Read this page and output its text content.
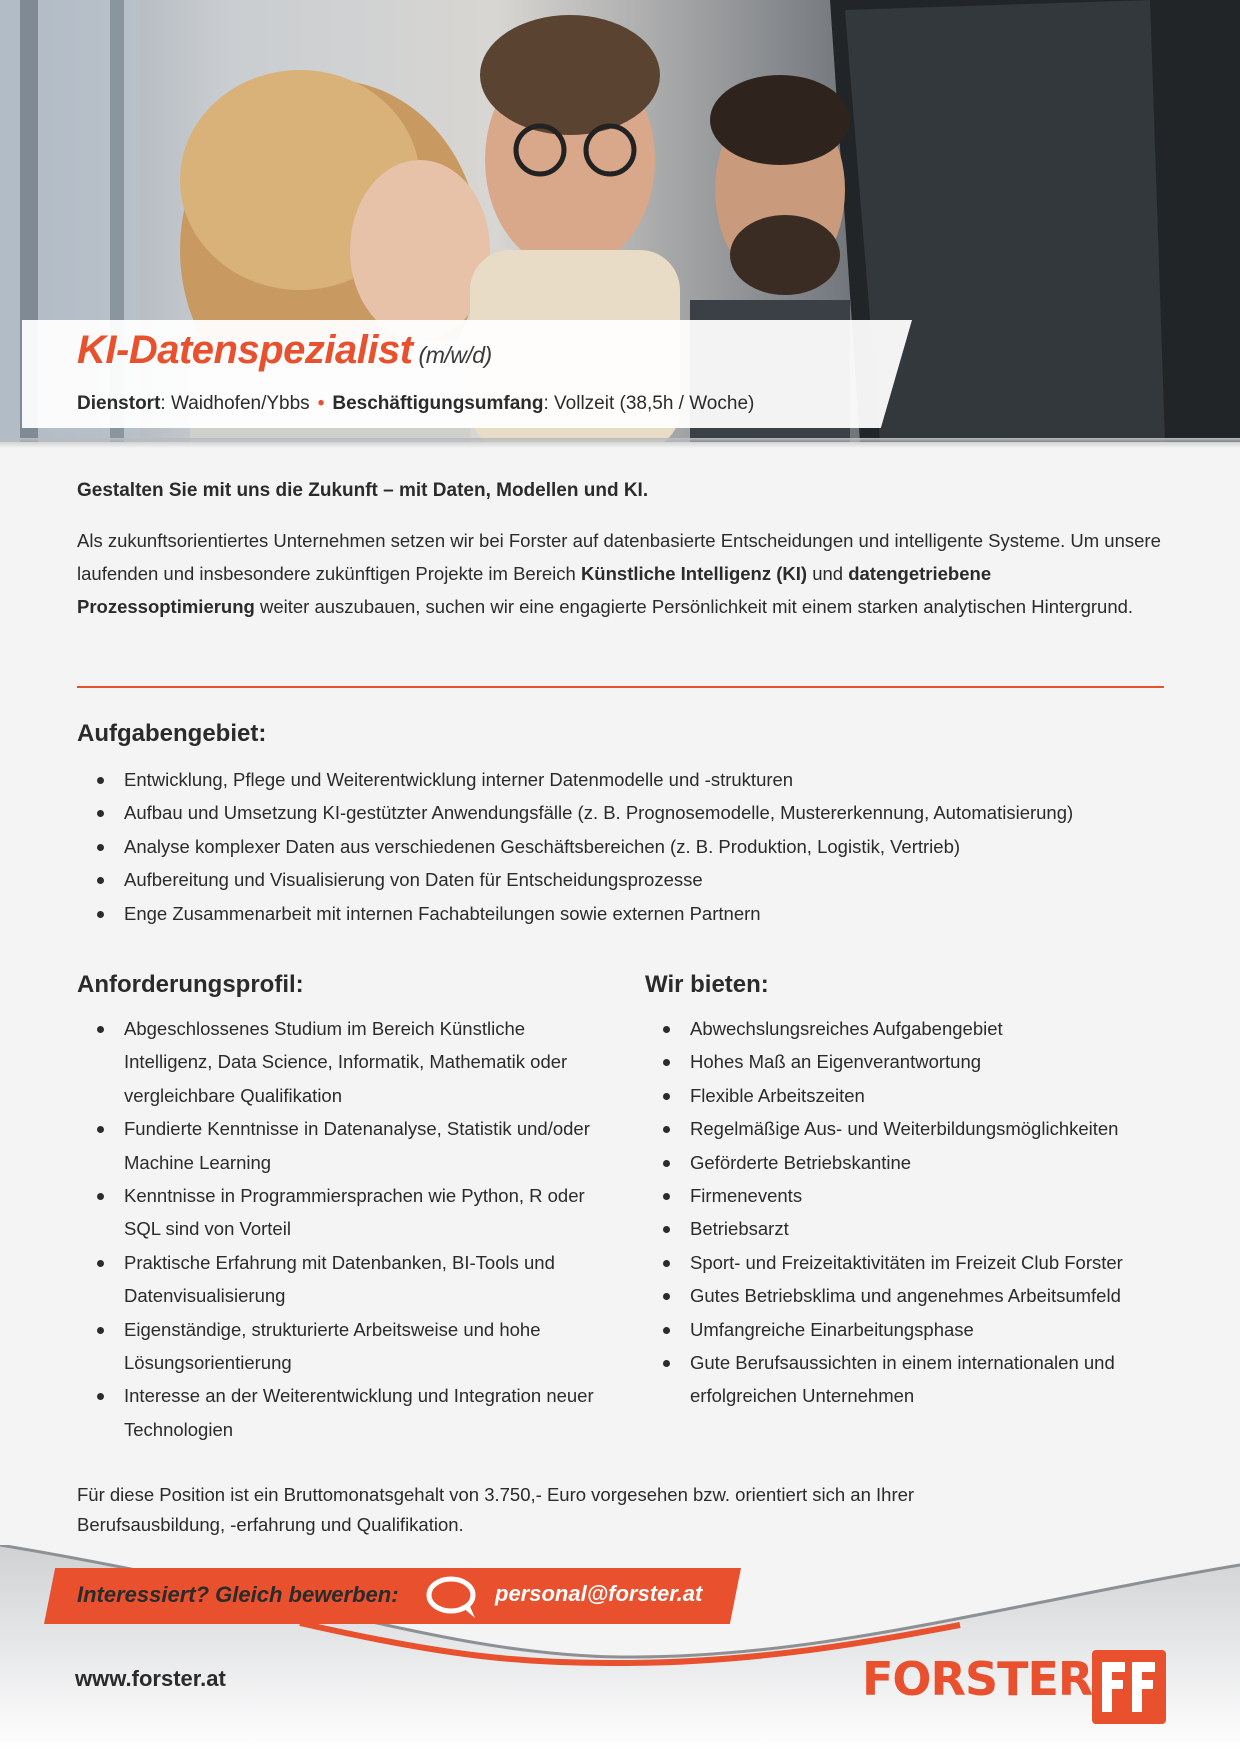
KI-Datenspezialist (m/w/d)
Dienstort: Waidhofen/Ybbs • Beschäftigungsumfang: Vollzeit (38,5h / Woche)
Gestalten Sie mit uns die Zukunft – mit Daten, Modellen und KI.
Als zukunftsorientiertes Unternehmen setzen wir bei Forster auf datenbasierte Entscheidungen und intelligente Systeme. Um unsere laufenden und insbesondere zukünftigen Projekte im Bereich Künstliche Intelligenz (KI) und datengetriebene Prozessoptimierung weiter auszubauen, suchen wir eine engagierte Persönlichkeit mit einem starken analytischen Hintergrund.
Aufgabengebiet:
Entwicklung, Pflege und Weiterentwicklung interner Datenmodelle und -strukturen
Aufbau und Umsetzung KI-gestützter Anwendungsfälle (z. B. Prognosemodelle, Mustererkennung, Automatisierung)
Analyse komplexer Daten aus verschiedenen Geschäftsbereichen (z. B. Produktion, Logistik, Vertrieb)
Aufbereitung und Visualisierung von Daten für Entscheidungsprozesse
Enge Zusammenarbeit mit internen Fachabteilungen sowie externen Partnern
Anforderungsprofil:
Abgeschlossenes Studium im Bereich Künstliche Intelligenz, Data Science, Informatik, Mathematik oder vergleichbare Qualifikation
Fundierte Kenntnisse in Datenanalyse, Statistik und/oder Machine Learning
Kenntnisse in Programmiersprachen wie Python, R oder SQL sind von Vorteil
Praktische Erfahrung mit Datenbanken, BI-Tools und Datenvisualisierung
Eigenständige, strukturierte Arbeitsweise und hohe Lösungsorientierung
Interesse an der Weiterentwicklung und Integration neuer Technologien
Wir bieten:
Abwechslungsreiches Aufgabengebiet
Hohes Maß an Eigenverantwortung
Flexible Arbeitszeiten
Regelmäßige Aus- und Weiterbildungsmöglichkeiten
Geförderte Betriebskantine
Firmenevents
Betriebsarzt
Sport- und Freizeitaktivitäten im Freizeit Club Forster
Gutes Betriebsklima und angenehmes Arbeitsumfeld
Umfangreiche Einarbeitungsphase
Gute Berufsaussichten in einem internationalen und erfolgreichen Unternehmen
Für diese Position ist ein Bruttomonatsgehalt von 3.750,- Euro vorgesehen bzw. orientiert sich an Ihrer Berufsausbildung, -erfahrung und Qualifikation.
Interessiert? Gleich bewerben:	personal@forster.at
www.forster.at	FORSTER
